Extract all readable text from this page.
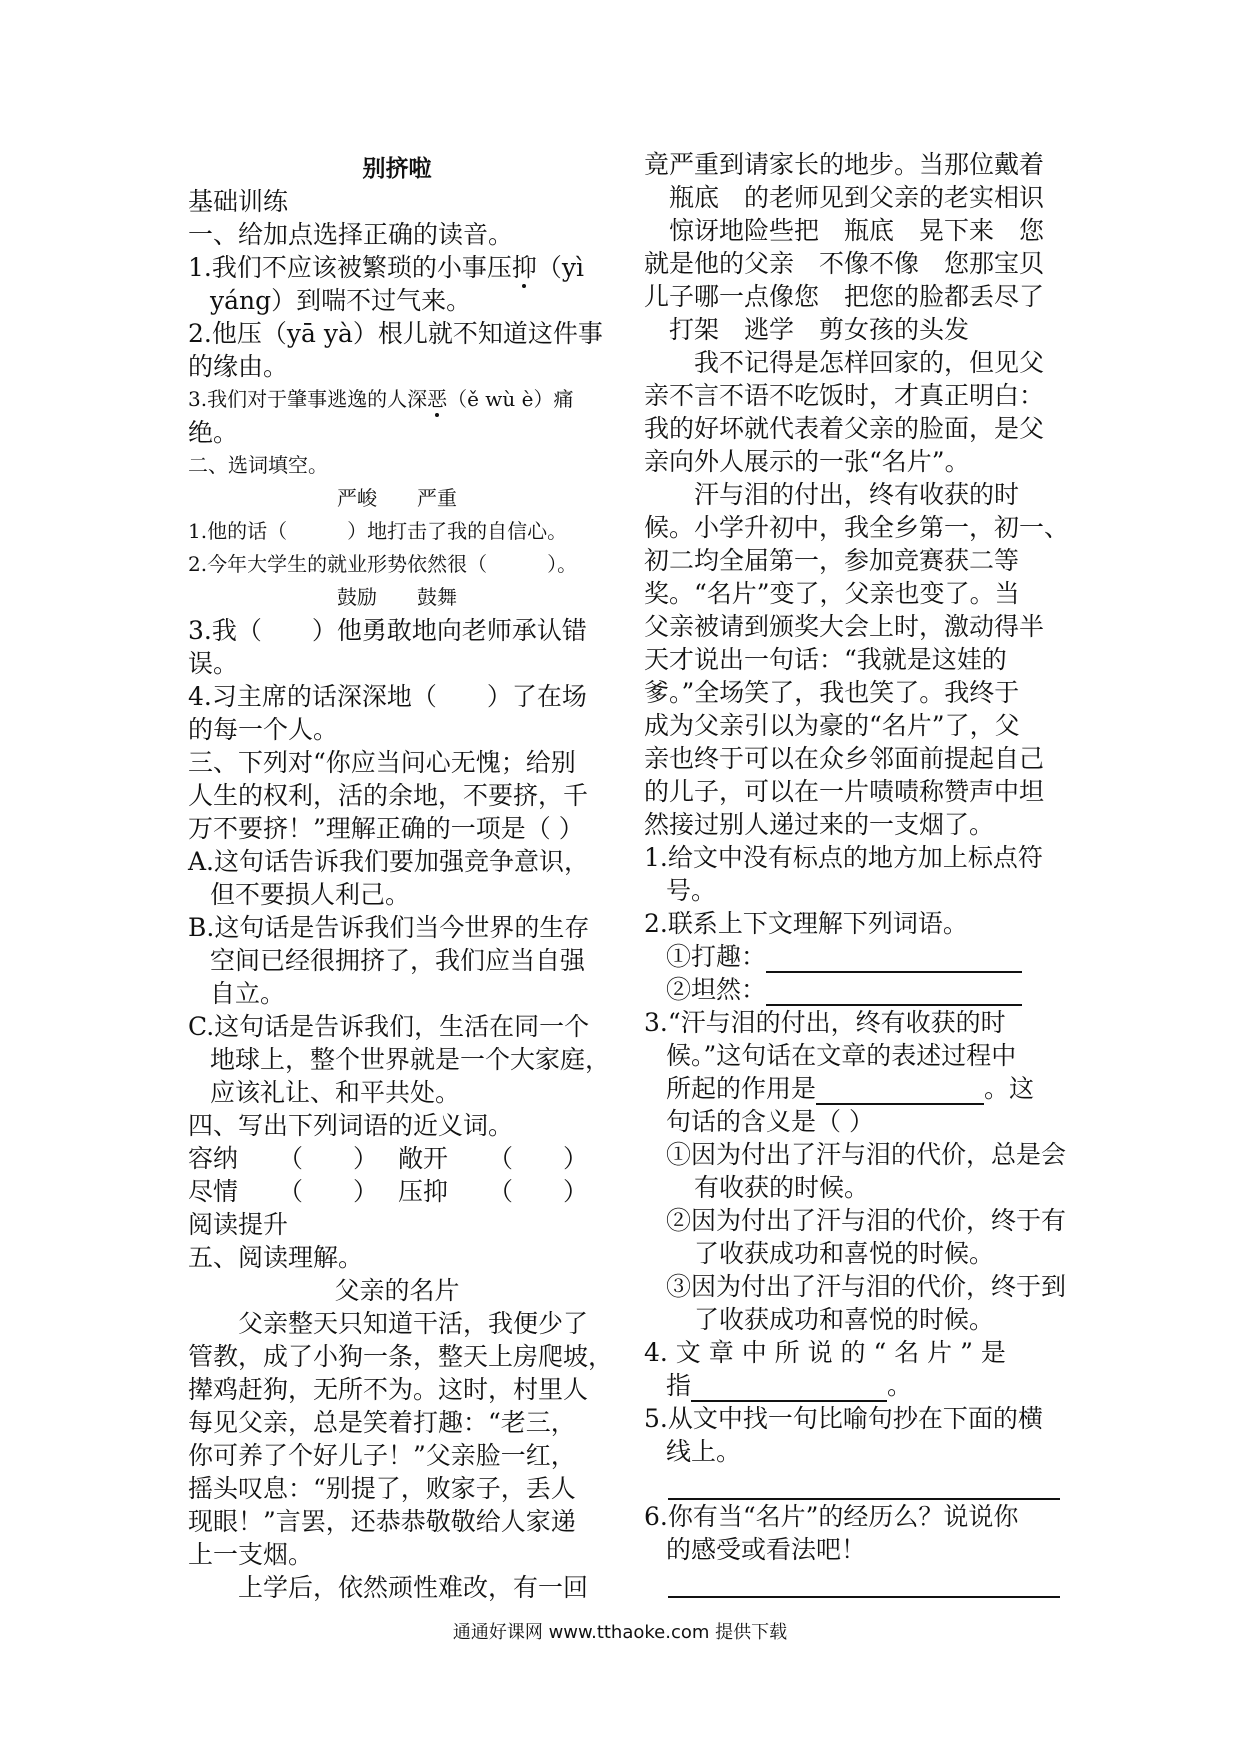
别挤啦

基础训练

一、给加点选择正确的读音。

1.我们不应该被繁琐的小事压抑（yì

yáng）到喘不过气来。

2.他压（yā yà）根儿就不知道这件事

的缘由。

3.我们对于肇事逃逸的人深恶（ě wù è）痛

绝。

二、选词填空。

严峻　　严重

1.他的话（　　　）地打击了我的自信心。

2.今年大学生的就业形势依然很（　　　）。

鼓励　　鼓舞

3.我（　　）他勇敢地向老师承认错

误。

4.习主席的话深深地（　　）了在场

的每一个人。

三、下列对“你应当问心无愧；给别

人生的权利，活的余地，不要挤，千

万不要挤！”理解正确的一项是（ ）

A.这句话告诉我们要加强竞争意识，

但不要损人利己。

B.这句话是告诉我们当今世界的生存

空间已经很拥挤了，我们应当自强

自立。

C.这句话是告诉我们，生活在同一个

地球上，整个世界就是一个大家庭，

应该礼让、和平共处。

四、写出下列词语的近义词。

容纳	（　　） 敞开	（　　）
尽情	（　　） 压抑	（　　）

阅读提升

五、阅读理解。

父亲的名片

父亲整天只知道干活，我便少了

管教，成了小狗一条，整天上房爬坡，

撵鸡赶狗，无所不为。这时，村里人

每见父亲，总是笑着打趣：“老三，

你可养了个好儿子！”父亲脸一红，

摇头叹息：“别提了，败家子，丢人

现眼！”言罢，还恭恭敬敬给人家递

上一支烟。

上学后，依然顽性难改，有一回

竟严重到请家长的地步。当那位戴着

　瓶底　的老师见到父亲的老实相识

　惊讶地险些把　瓶底　晃下来　您

就是他的父亲　不像不像　您那宝贝

儿子哪一点像您　把您的脸都丢尽了

　打架　逃学　剪女孩的头发

我不记得是怎样回家的，但见父

亲不言不语不吃饭时，才真正明白：

我的好坏就代表着父亲的脸面，是父

亲向外人展示的一张“名片”。

汗与泪的付出，终有收获的时

候。小学升初中，我全乡第一，初一、

初二均全届第一，参加竞赛获二等

奖。“名片”变了，父亲也变了。当

父亲被请到颁奖大会上时，激动得半

天才说出一句话：“我就是这娃的

爹。”全场笑了，我也笑了。我终于

成为父亲引以为豪的“名片”了，父

亲也终于可以在众乡邻面前提起自己

的儿子，可以在一片啧啧称赞声中坦

然接过别人递过来的一支烟了。

1.给文中没有标点的地方加上标点符

号。

2.联系上下文理解下列词语。

①打趣：

②坦然：

3.“汗与泪的付出，终有收获的时

候。”这句话在文章的表述过程中

所起的作用是	。这

句话的含义是（ ）

①因为付出了汗与泪的代价，总是会

有收获的时候。

②因为付出了汗与泪的代价，终于有

了收获成功和喜悦的时候。

③因为付出了汗与泪的代价，终于到

了收获成功和喜悦的时候。

4. 文 章 中 所 说 的 “ 名 片 ” 是

指	。

5.从文中找一句比喻句抄在下面的横

线上。

6.你有当“名片”的经历么？说说你

的感受或看法吧！

通通好课网 www.tthaoke.com 提供下载
